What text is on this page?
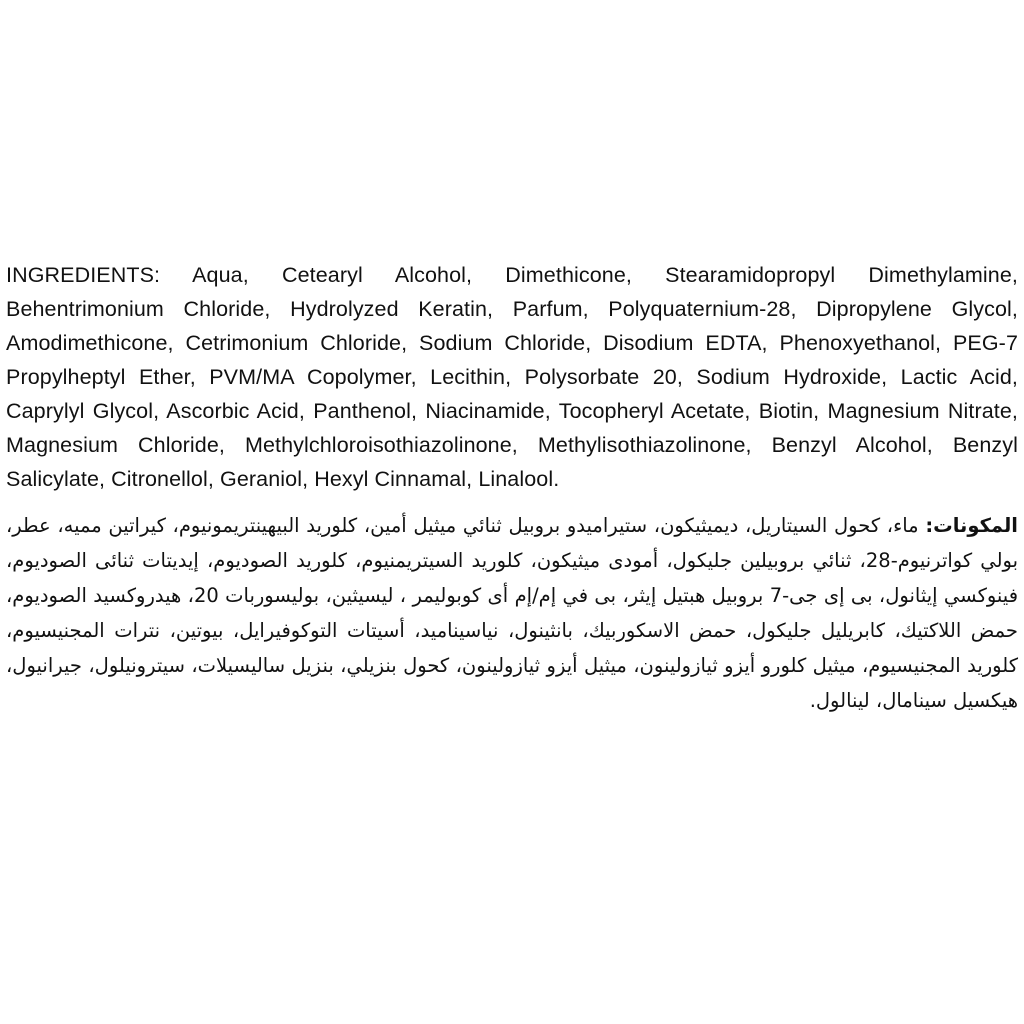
INGREDIENTS: Aqua, Cetearyl Alcohol, Dimethicone, Stearamidopropyl Dimethylamine, Behentrimonium Chloride, Hydrolyzed Keratin, Parfum, Polyquaternium-28, Dipropylene Glycol, Amodimethicone, Cetrimonium Chloride, Sodium Chloride, Disodium EDTA, Phenoxyethanol, PEG-7 Propylheptyl Ether, PVM/MA Copolymer, Lecithin, Polysorbate 20, Sodium Hydroxide, Lactic Acid, Caprylyl Glycol, Ascorbic Acid, Panthenol, Niacinamide, Tocopheryl Acetate, Biotin, Magnesium Nitrate, Magnesium Chloride, Methylchloroisothiazolinone, Methylisothiazolinone, Benzyl Alcohol, Benzyl Salicylate, Citronellol, Geraniol, Hexyl Cinnamal, Linalool.

المكونات: ماء، كحول السيتاريل، ديميثيكون، ستيراميدو بروبيل ثنائي ميثيل أمين، كلوريد البيهينتريمونيوم، كيراتين مميه، عطر، بولي كواترنيوم-28، ثنائي بروبيلين جليكول، أمودى ميثيكون، كلوريد السيتريمنيوم، كلوريد الصوديوم، إيديتات ثنائى الصوديوم، فينوكسي إيثانول، بى إى جى-7 بروبيل هبتيل إيثر، بى في إم/إم أى كوبوليمر ، ليسيثين، بوليسوربات 20، هيدروكسيد الصوديوم، حمض اللاكتيك، كابريليل جليكول، حمض الاسكوربيك، بانثينول، نياسيناميد، أسيتات التوكوفيرايل، بيوتين، نترات المجنيسيوم، كلوريد المجنيسيوم، ميثيل كلورو أيزو ثيازولينون، ميثيل أيزو ثيازولينون، كحول بنزيلي، بنزيل ساليسيلات، سيترونيلول، جيرانيول، هيكسيل سينامال، لينالول.
